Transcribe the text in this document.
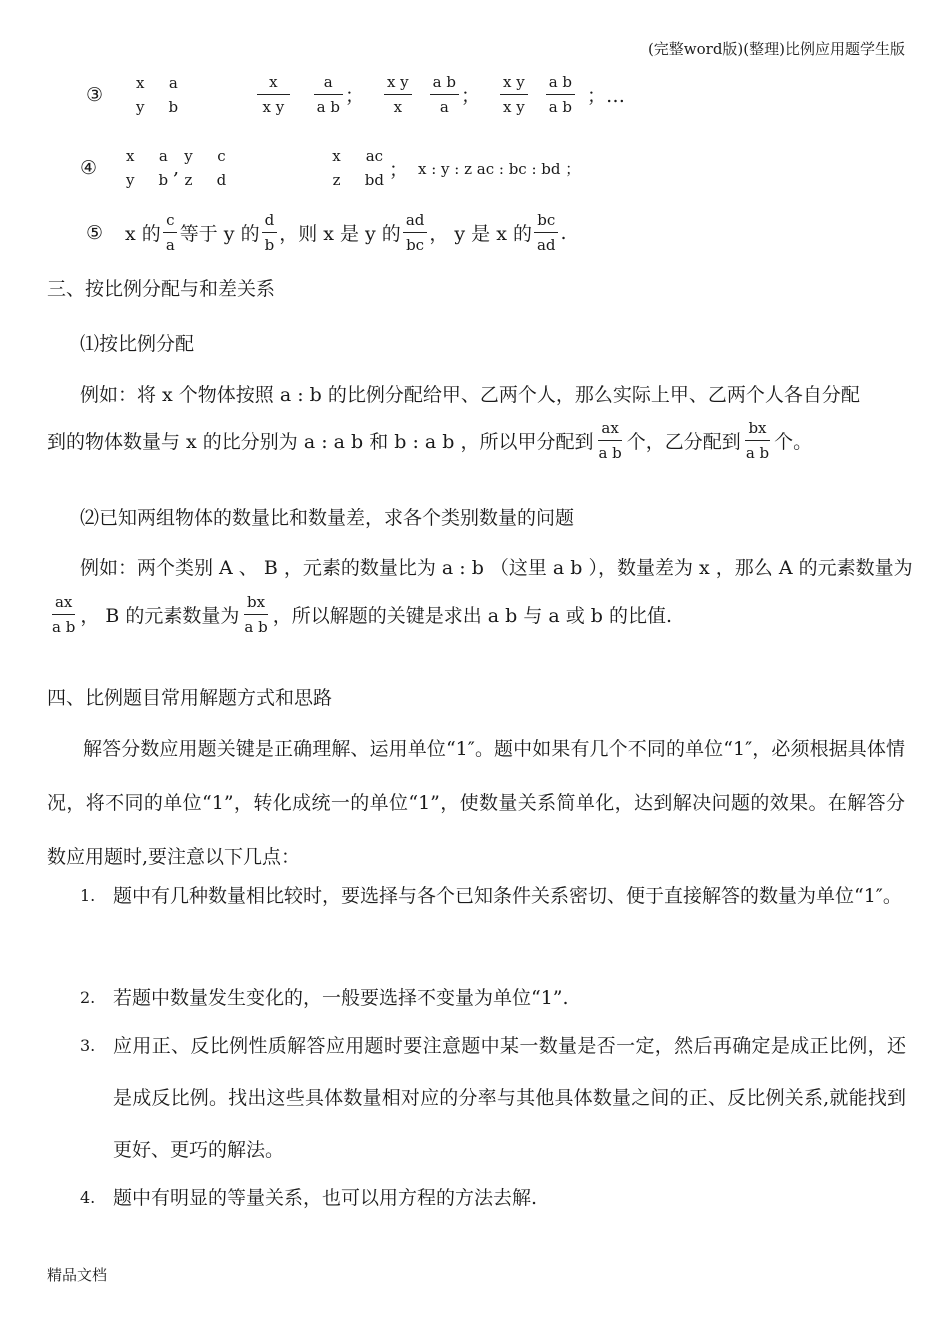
(完整word版)(整理)比例应用题学生版
③
x
y
a
b	$\frac{x}{\text{x y}} \frac{a}{\text{a b}}$ ； $\frac{\text{x y}}{x} \frac{\text{a b}}{a}$ ； $\frac{\text{x y}}{\text{x y}} \frac{\text{a b}}{\text{a b}}$ ；…
④
x
y
a
b
,
y
z
c
d
x
z
ac
bd ； x : y : z ac : bc : bd ；
⑤ x 的 $\frac{c}{a}$ 等于 y 的 $\frac{d}{b}$ ，则 x 是 y 的 $\frac{ad}{bc}$ ， y 是 x 的 $\frac{bc}{ad}$ .
三、按比例分配与和差关系
⑴按比例分配
例如：将 x 个物体按照 a : b 的比例分配给甲、乙两个人，那么实际上甲、乙两个人各自分配
到的物体数量与 x 的比分别为 a : a b 和 b : a b ，所以甲分配到 $\frac{ax}{\text{a b}}$ 个，乙分配到 $\frac{bx}{\text{a b}}$ 个。
⑵已知两组物体的数量比和数量差，求各个类别数量的问题
例如：两个类别 A 、 B ，元素的数量比为 a : b （这里 a b ），数量差为 x ，那么 A 的元素数量为
$\frac{ax}{\text{a b}}$ ， B 的元素数量为 $\frac{bx}{\text{a b}}$ ，所以解题的关键是求出 a b 与 a 或 b 的比值.
四、比例题目常用解题方式和思路

解答分数应用题关键是正确理解、运用单位“1″。题中如果有几个不同的单位“1″，必须根据具体情况，将不同的单位“1”，转化成统一的单位“1”，使数量关系简单化，达到解决问题的效果。在解答分数应用题时,要注意以下几点：

1. 题中有几种数量相比较时，要选择与各个已知条件关系密切、便于直接解答的数量为单位“1″。
2. 若题中数量发生变化的，一般要选择不变量为单位“1”.
3. 应用正、反比例性质解答应用题时要注意题中某一数量是否一定，然后再确定是成正比例，还是成反比例。找出这些具体数量相对应的分率与其他具体数量之间的正、反比例关系,就能找到更好、更巧的解法。
4. 题中有明显的等量关系，也可以用方程的方法去解.
精品文档
